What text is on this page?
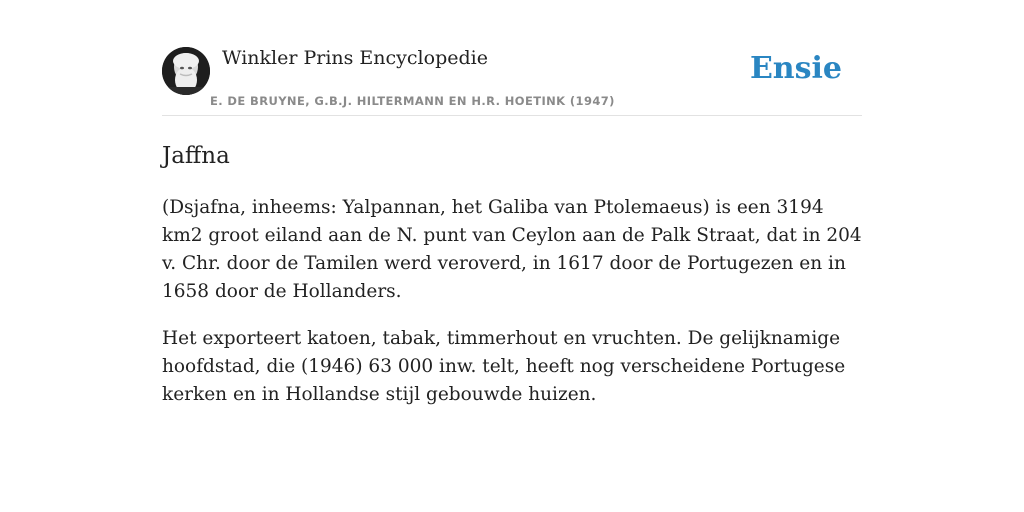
Winkler Prins Encyclopedie
E. DE BRUYNE, G.B.J. HILTERMANN EN H.R. HOETINK (1947)
Ensie
Jaffna

(Dsjafna, inheems: Yalpannan, het Galiba van Ptolemaeus) is een 3194 km2 groot eiland aan de N. punt van Ceylon aan de Palk Straat, dat in 204 v. Chr. door de Tamilen werd veroverd, in 1617 door de Portugezen en in 1658 door de Hollanders.

Het exporteert katoen, tabak, timmerhout en vruchten. De gelijknamige hoofdstad, die (1946) 63 000 inw. telt, heeft nog verscheidene Portugese kerken en in Hollandse stijl gebouwde huizen.
